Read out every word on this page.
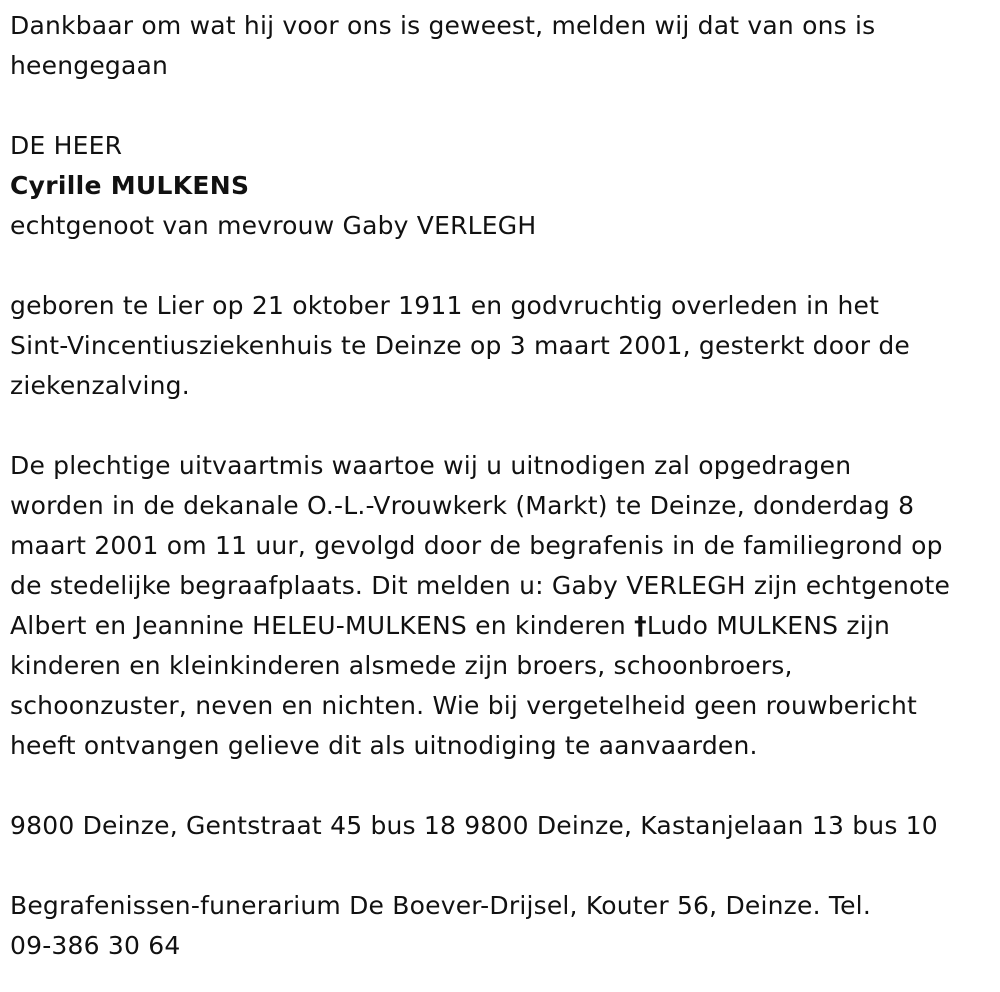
Dankbaar om wat hij voor ons is geweest, melden wij dat van ons is
heengegaan

DE HEER
Cyrille MULKENS
echtgenoot van mevrouw Gaby VERLEGH

geboren te Lier op 21 oktober 1911 en godvruchtig overleden in het
Sint-Vincentiusziekenhuis te Deinze op 3 maart 2001, gesterkt door de
ziekenzalving.

De plechtige uitvaartmis waartoe wij u uitnodigen zal opgedragen
worden in de dekanale O.-L.-Vrouwkerk (Markt) te Deinze, donderdag 8
maart 2001 om 11 uur, gevolgd door de begrafenis in de familiegrond op
de stedelijke begraafplaats. Dit melden u: Gaby VERLEGH zijn echtgenote
Albert en Jeannine HELEU-MULKENS en kinderen †Ludo MULKENS zijn
kinderen en kleinkinderen alsmede zijn broers, schoonbroers,
schoonzuster, neven en nichten. Wie bij vergetelheid geen rouwbericht
heeft ontvangen gelieve dit als uitnodiging te aanvaarden.

9800 Deinze, Gentstraat 45 bus 18 9800 Deinze, Kastanjelaan 13 bus 10

Begrafenissen-funerarium De Boever-Drijsel, Kouter 56, Deinze. Tel.
09-386 30 64
